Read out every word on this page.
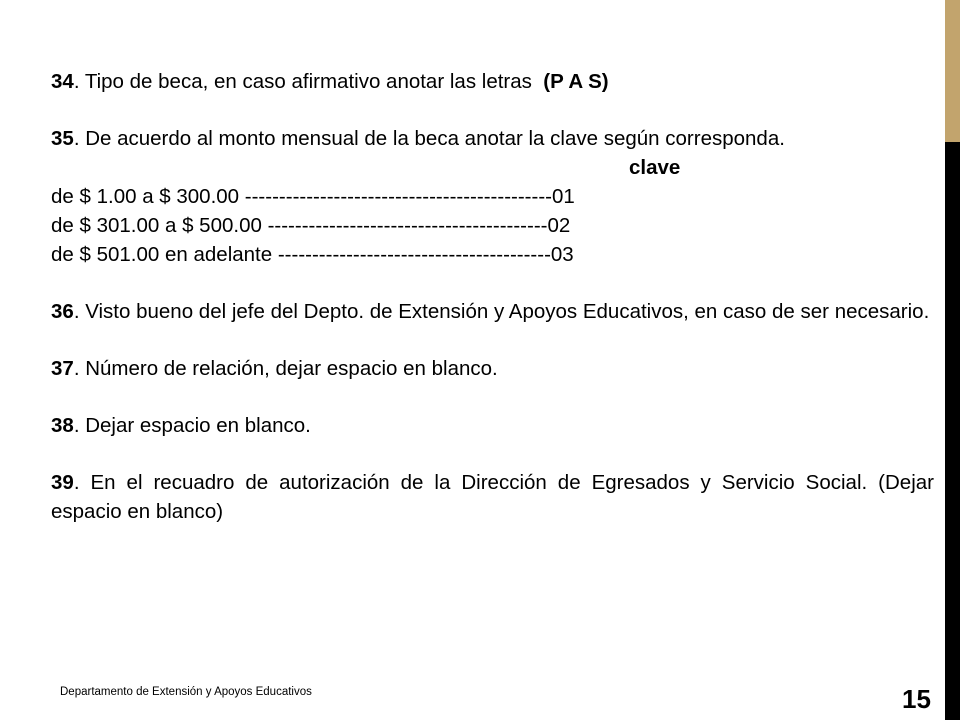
34. Tipo de beca, en caso afirmativo anotar las letras  (P A S)
35. De acuerdo al monto mensual de la beca anotar la clave según corresponda.
clave
de $ 1.00 a $ 300.00 ---------------------------------------------01
de $ 301.00 a $ 500.00 -----------------------------------------02
de $ 501.00 en adelante ----------------------------------------03
36. Visto bueno del jefe del Depto. de Extensión y Apoyos Educativos, en caso de ser necesario.
37. Número de relación, dejar espacio en blanco.
38. Dejar espacio en blanco.
39. En el recuadro de autorización de la Dirección de Egresados y Servicio Social. (Dejar espacio en blanco)
Departamento de Extensión y Apoyos Educativos	15
